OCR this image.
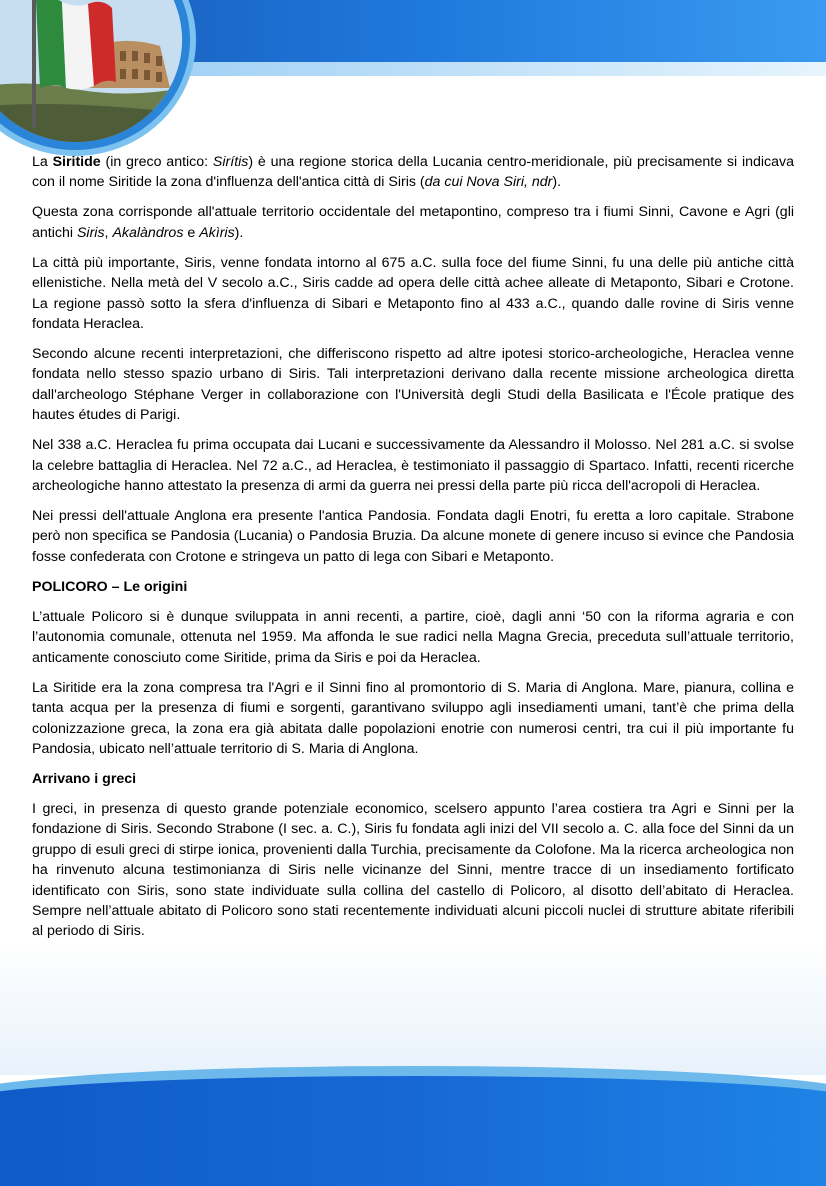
La Siritide (in greco antico: Sirítis) è una regione storica della Lucania centro-meridionale, più precisamente si indicava con il nome Siritide la zona d'influenza dell'antica città di Siris (da cui Nova Siri, ndr).

Questa zona corrisponde all'attuale territorio occidentale del metapontino, compreso tra i fiumi Sinni, Cavone e Agri (gli antichi Siris, Akalàndros e Akìris).

La città più importante, Siris, venne fondata intorno al 675 a.C. sulla foce del fiume Sinni, fu una delle più antiche città ellenistiche. Nella metà del V secolo a.C., Siris cadde ad opera delle città achee alleate di Metaponto, Sibari e Crotone. La regione passò sotto la sfera d'influenza di Sibari e Metaponto fino al 433 a.C., quando dalle rovine di Siris venne fondata Heraclea.

Secondo alcune recenti interpretazioni, che differiscono rispetto ad altre ipotesi storico-archeologiche, Heraclea venne fondata nello stesso spazio urbano di Siris. Tali interpretazioni derivano dalla recente missione archeologica diretta dall'archeologo Stéphane Verger in collaborazione con l'Università degli Studi della Basilicata e l'École pratique des hautes études di Parigi.

Nel 338 a.C. Heraclea fu prima occupata dai Lucani e successivamente da Alessandro il Molosso. Nel 281 a.C. si svolse la celebre battaglia di Heraclea. Nel 72 a.C., ad Heraclea, è testimoniato il passaggio di Spartaco. Infatti, recenti ricerche archeologiche hanno attestato la presenza di armi da guerra nei pressi della parte più ricca dell'acropoli di Heraclea.

Nei pressi dell'attuale Anglona era presente l'antica Pandosia. Fondata dagli Enotri, fu eretta a loro capitale. Strabone però non specifica se Pandosia (Lucania) o Pandosia Bruzia. Da alcune monete di genere incuso si evince che Pandosia fosse confederata con Crotone e stringeva un patto di lega con Sibari e Metaponto.

POLICORO – Le origini

L’attuale Policoro si è dunque sviluppata in anni recenti, a partire, cioè, dagli anni ‘50 con la riforma agraria e con l’autonomia comunale, ottenuta nel 1959. Ma affonda le sue radici nella Magna Grecia, preceduta sull’attuale territorio, anticamente conosciuto come Siritide, prima da Siris e poi da Heraclea.

La Siritide era la zona compresa tra l'Agri e il Sinni fino al promontorio di S. Maria di Anglona. Mare, pianura, collina e tanta acqua per la presenza di fiumi e sorgenti, garantivano sviluppo agli insediamenti umani, tant’è che prima della colonizzazione greca, la zona era già abitata dalle popolazioni enotrie con numerosi centri, tra cui il più importante fu Pandosia, ubicato nell’attuale territorio di S. Maria di Anglona.

Arrivano i greci

I greci, in presenza di questo grande potenziale economico, scelsero appunto l’area costiera tra Agri e Sinni per la fondazione di Siris. Secondo Strabone (I sec. a. C.), Siris fu fondata agli inizi del VII secolo a. C. alla foce del Sinni da un gruppo di esuli greci di stirpe ionica, provenienti dalla Turchia, precisamente da Colofone. Ma la ricerca archeologica non ha rinvenuto alcuna testimonianza di Siris nelle vicinanze del Sinni, mentre tracce di un insediamento fortificato identificato con Siris, sono state individuate sulla collina del castello di Policoro, al disotto dell’abitato di Heraclea. Sempre nell’attuale abitato di Policoro sono stati recentemente individuati alcuni piccoli nuclei di strutture abitate riferibili al periodo di Siris.
